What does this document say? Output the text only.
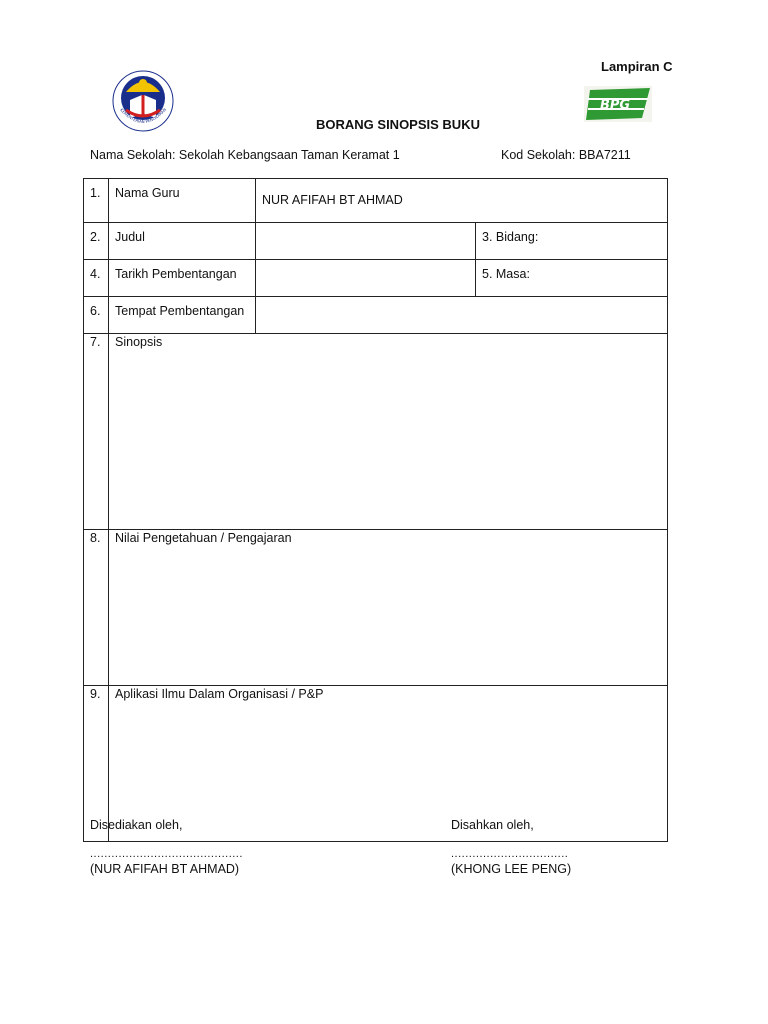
Lampiran C
KEMENTERIAN PENDIDIKAN	BPG
BORANG SINOPSIS BUKU
Nama Sekolah: Sekolah Kebangsaan Taman Keramat 1	Kod Sekolah: BBA7211
1.	Nama Guru	NUR AFIFAH BT AHMAD	
2.	Judul		3. Bidang:
4.	Tarikh Pembentangan		5. Masa:
6.	Tempat Pembentangan		
7.	Sinopsis		
8.	Nilai Pengetahuan / Pengajaran		
9.	Aplikasi Ilmu Dalam Organisasi / P&P		
Disediakan oleh,
...........................................
(NUR AFIFAH BT AHMAD)
Disahkan oleh,
.................................
(KHONG LEE PENG)
